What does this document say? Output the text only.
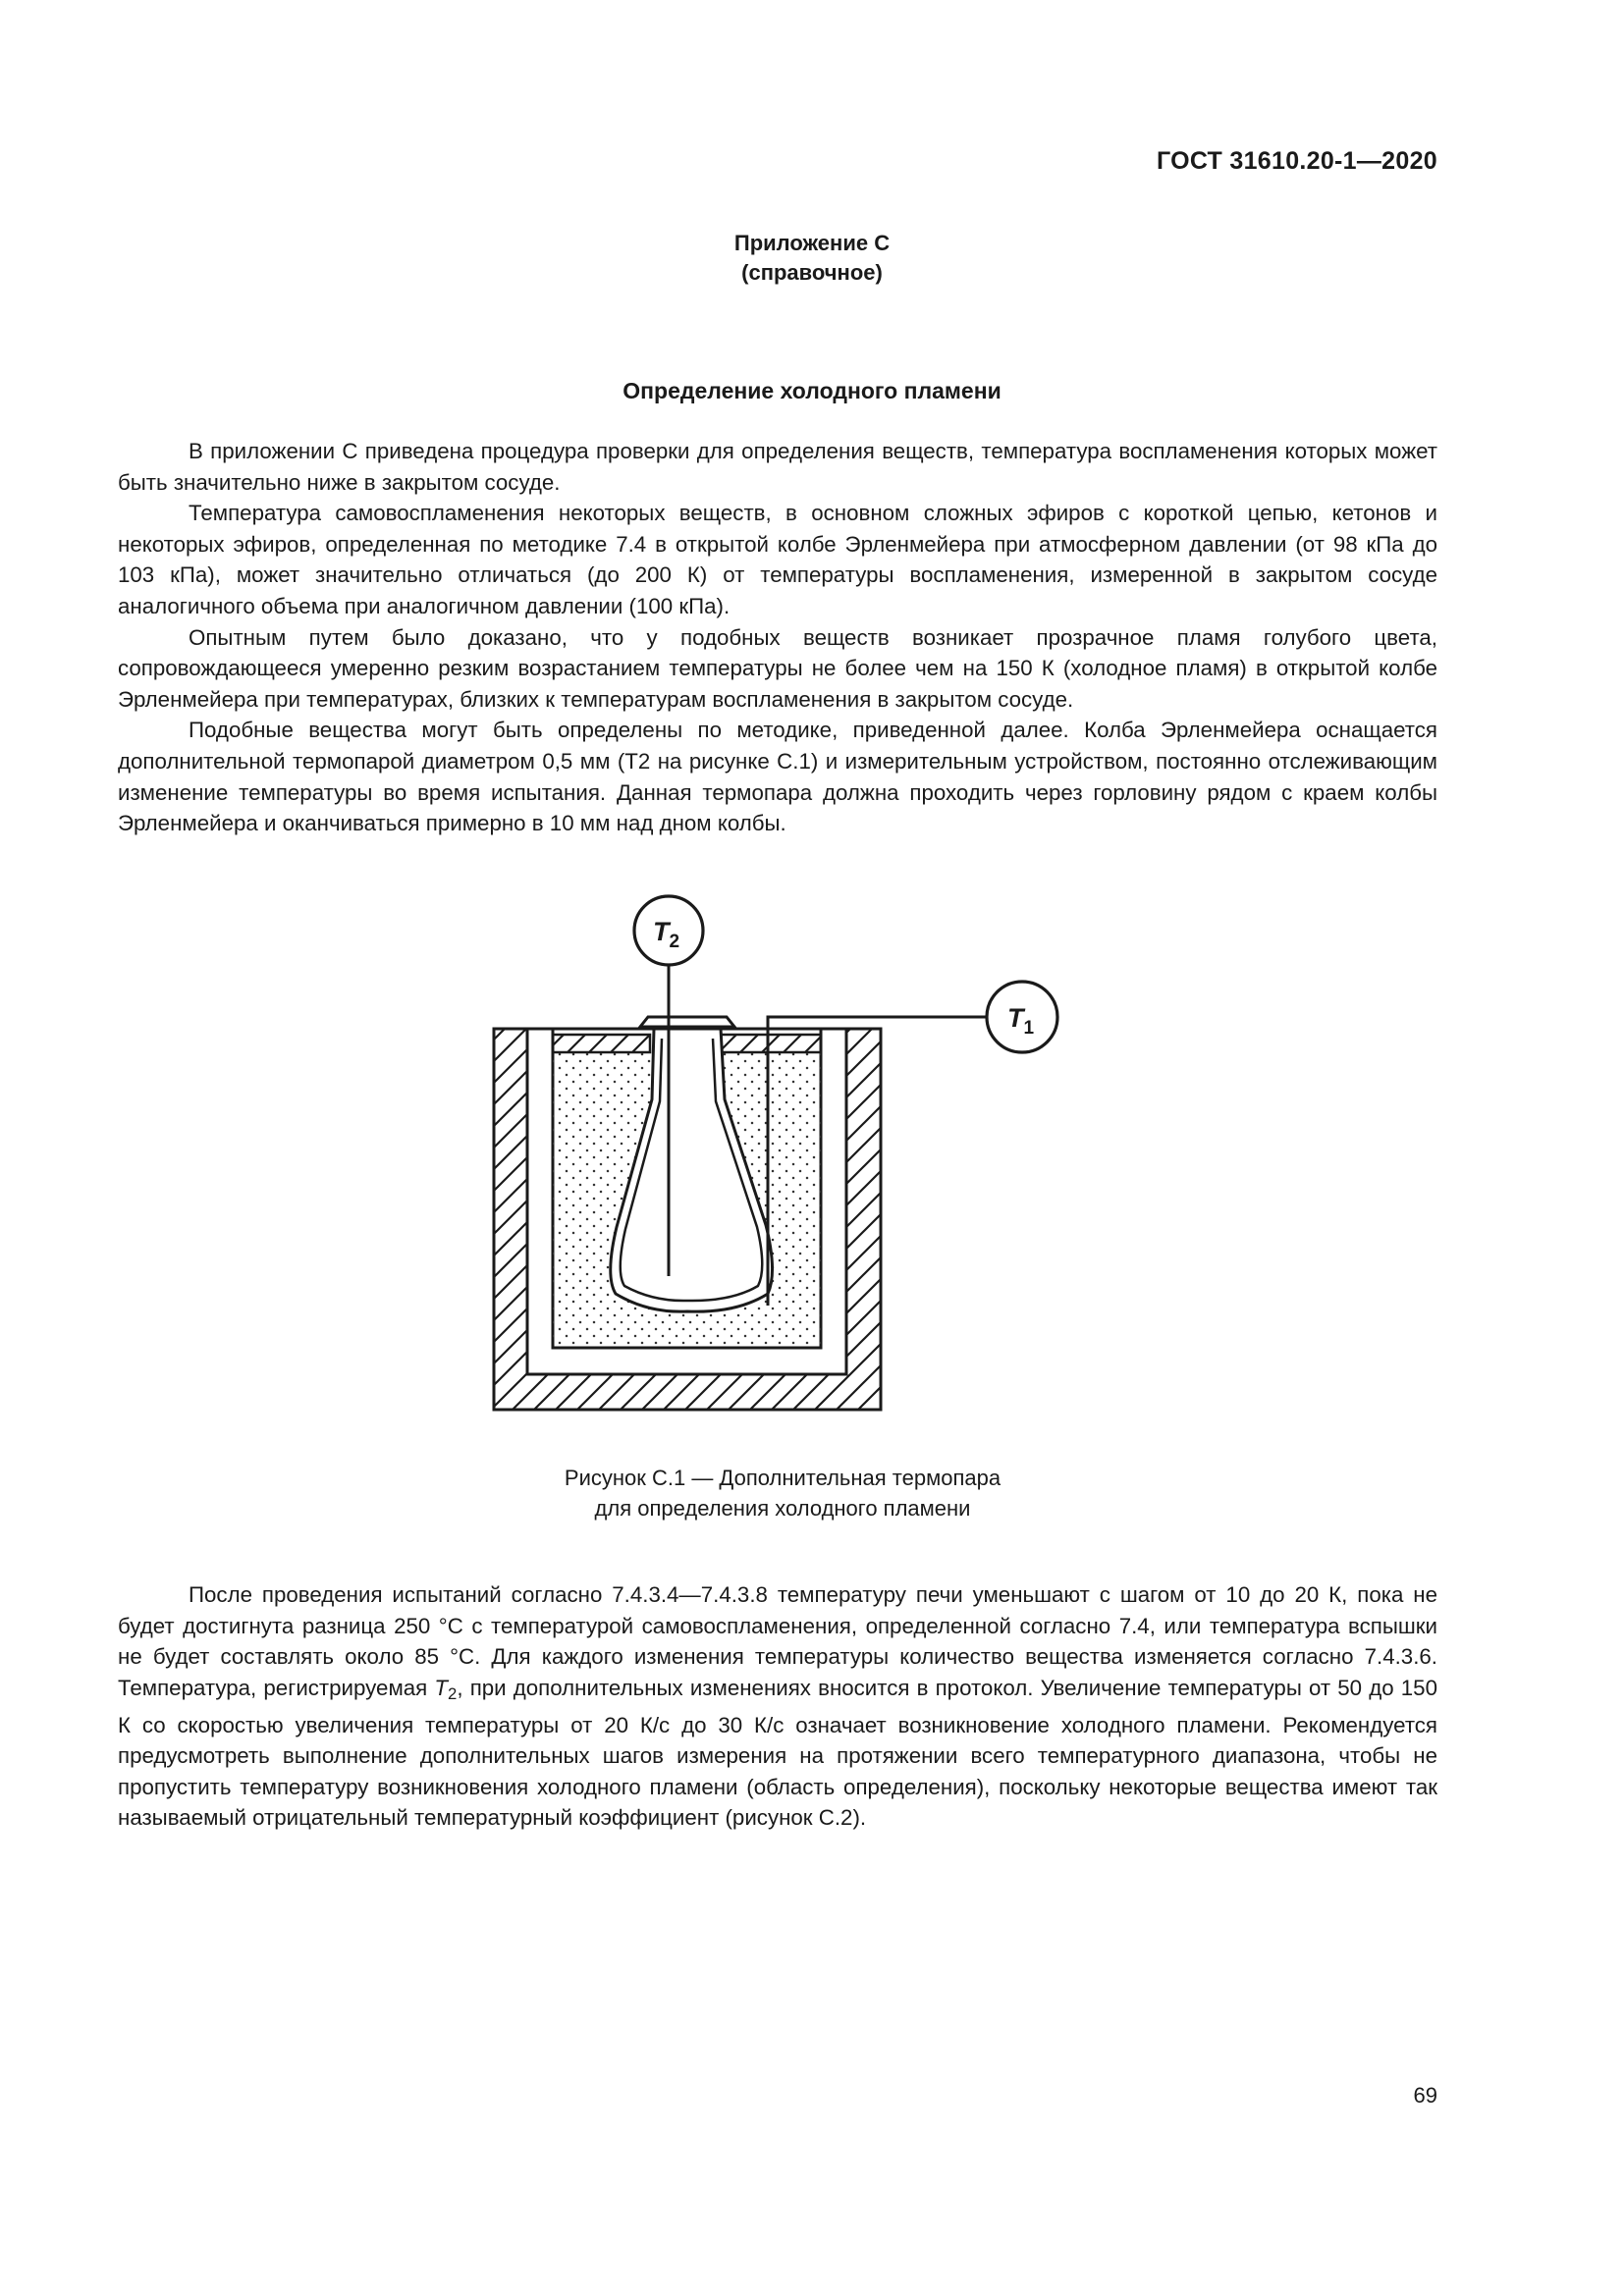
ГОСТ 31610.20-1—2020
Приложение С
(справочное)
Определение холодного пламени

В приложении С приведена процедура проверки для определения веществ, температура воспламенения которых может быть значительно ниже в закрытом сосуде.

Температура самовоспламенения некоторых веществ, в основном сложных эфиров с короткой цепью, кетонов и некоторых эфиров, определенная по методике 7.4 в открытой колбе Эрленмейера при атмосферном давлении (от 98 кПа до 103 кПа), может значительно отличаться (до 200 К) от температуры воспламенения, измеренной в закрытом сосуде аналогичного объема при аналогичном давлении (100 кПа).

Опытным путем было доказано, что у подобных веществ возникает прозрачное пламя голубого цвета, сопровождающееся умеренно резким возрастанием температуры не более чем на 150 К (холодное пламя) в открытой колбе Эрленмейера при температурах, близких к температурам воспламенения в закрытом сосуде.

Подобные вещества могут быть определены по методике, приведенной далее. Колба Эрленмейера оснащается дополнительной термопарой диаметром 0,5 мм (Т2 на рисунке С.1) и измерительным устройством, постоянно отслеживающим изменение температуры во время испытания. Данная термопара должна проходить через горловину рядом с краем колбы Эрленмейера и оканчиваться примерно в 10 мм над дном колбы.

$T_2$
$T_1$
Рисунок С.1 — Дополнительная термопара
для определения холодного пламени

После проведения испытаний согласно 7.4.3.4—7.4.3.8 температуру печи уменьшают с шагом от 10 до 20 К, пока не будет достигнута разница 250 °С с температурой самовоспламенения, определенной согласно 7.4, или температура вспышки не будет составлять около 85 °С. Для каждого изменения температуры количество вещества изменяется согласно 7.4.3.6. Температура, регистрируемая $T_2$, при дополнительных изменениях вносится в протокол. Увеличение температуры от 50 до 150 К со скоростью увеличения температуры от 20 К/с до 30 К/с означает возникновение холодного пламени. Рекомендуется предусмотреть выполнение дополнительных шагов измерения на протяжении всего температурного диапазона, чтобы не пропустить температуру возникновения холодного пламени (область определения), поскольку некоторые вещества имеют так называемый отрицательный температурный коэффициент (рисунок С.2).

69
